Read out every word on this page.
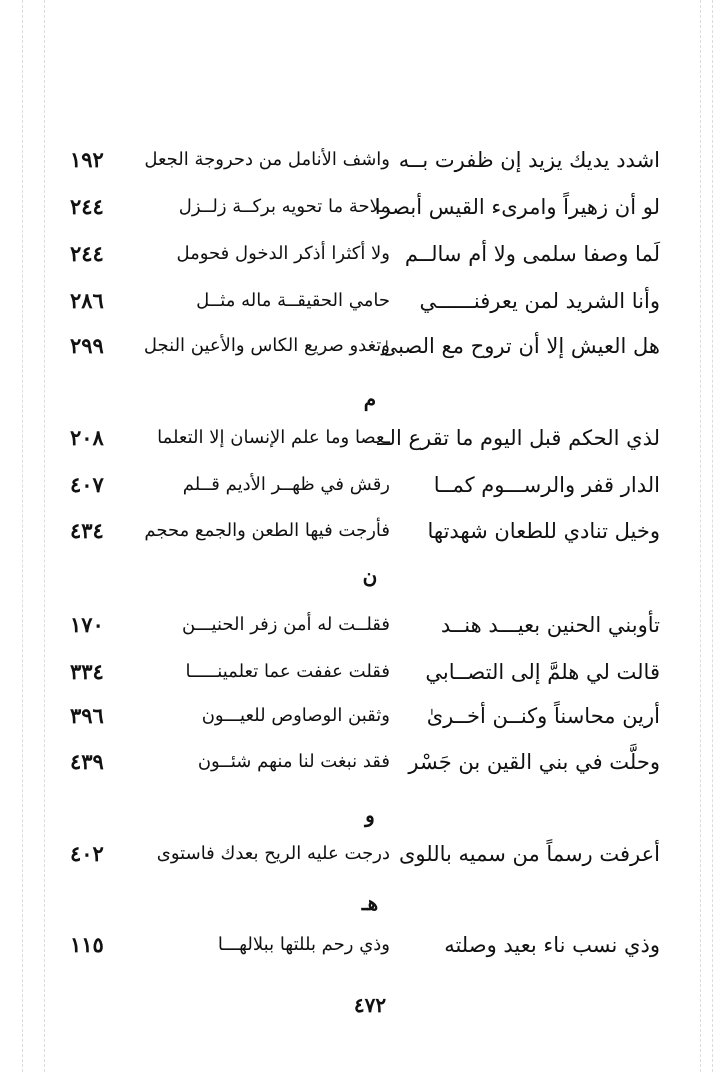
اشدد يديك يزيد إن ظفرت بــه
واشف الأنامل من دحروجة الجعل
١٩٢
لو أن زهيراً وامرىء القيس أبصرا
ملاحة ما تحويه بركــة زلــزل
٢٤٤
لَما وصفا سلمى ولا أم سالــم
ولا أكثرا أذكر الدخول فحومل
٢٤٤
وأنا الشريد لمن يعرفنــــــي
حامي الحقيقــة ماله مثــل
٢٨٦
هل العيش إلا أن تروح مع الصبىٰ
وتغدو صريع الكاس والأعين النجل
٢٩٩
م
لذي الحكم قبل اليوم ما تقرع الــ
ـعصا وما علم الإنسان إلا التعلما
٢٠٨
الدار قفر والرســـوم كمــا
رقش في ظهــر الأديم قــلم
٤٠٧
وخيل تنادي للطعان شهدتها
فأرجت فيها الطعن والجمع محجم
٤٣٤
ن
تأوبني الحنين بعيـــد هنــد
فقلــت له أمن زفر الحنيـــن
١٧٠
قالت لي هلمَّ إلى التصــابي
فقلت عففت عما تعلمينـــــا
٣٣٤
أرين محاسناً وكنــن أخــرىٰ
وثقبن الوصاوص للعيـــون
٣٩٦
وحلَّت في بني القين بن جَسْر
فقد نبغت لنا منهم شئــون
٤٣٩
و
أعرفت رسماً من سميه باللوى
درجت عليه الريح بعدك فاستوى
٤٠٢
هـ
وذي نسب ناء بعيد وصلته
وذي رحم بللتها ببلالهـــا
١١٥
٤٧٢
